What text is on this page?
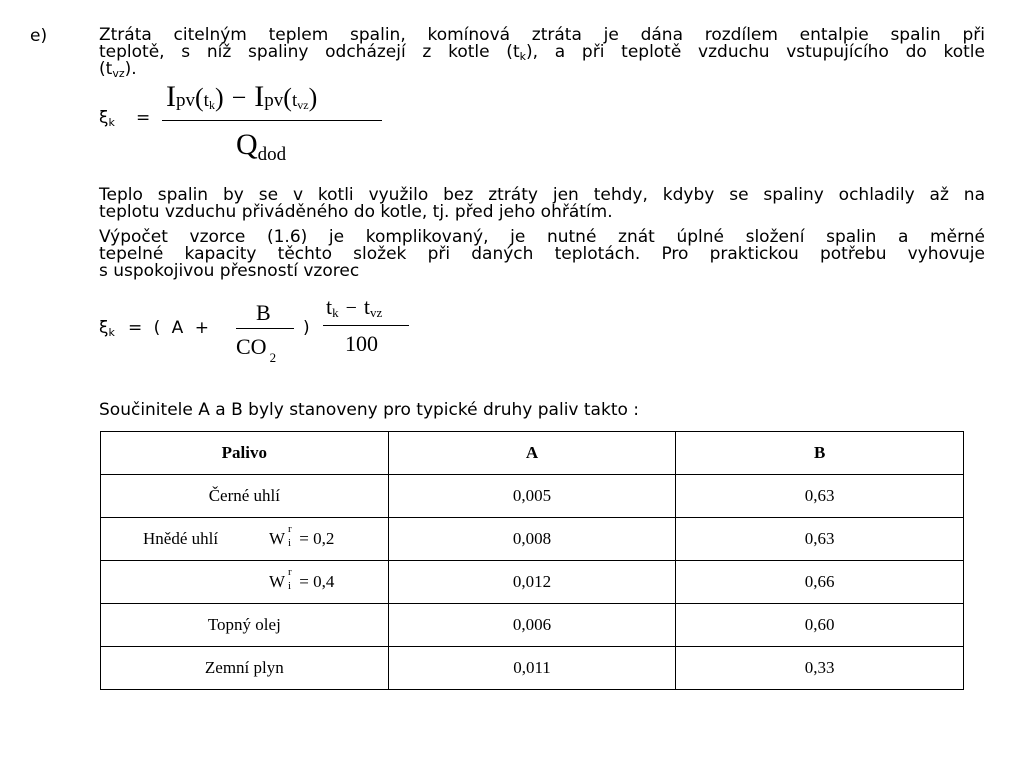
e)	Ztráta citelným teplem spalin, komínová ztráta je dána rozdílem entalpie spalin při
teplotě, s níž spaliny odcházejí z kotle $(t_k)$, a při teplotě vzduchu vstupujícího do kotle
$(t_{vz})$.
$\xi_k$ =
$Ipv(t_k) - Ipv(t_{vz})$
Qdod
Teplo spalin by se v kotli využilo bez ztráty jen tehdy, kdyby se spaliny ochladily až na
teplotu vzduchu přiváděného do kotle, tj. před jeho ohřátím.
Výpočet vzorce (1.6) je komplikovaný, je nutné znát úplné složení spalin a měrné
tepelné kapacity těchto složek při daných teplotách. Pro praktickou potřebu vyhovuje
s uspokojivou přesností vzorec
$\xi_k$ = ( A +
B
CO $_2$
)
$t_k - t_{vz}$
100
Součinitele A a B byly stanoveny pro typické druhy paliv takto :
Palivo	A	B
Černé uhlí	0,005	0,63

Hnědé uhlí W r
i = 0,2	0,008	0,63

W r
i = 0,4	0,012	0,66
Topný olej	0,006	0,60
Zemní plyn	0,011	0,33
